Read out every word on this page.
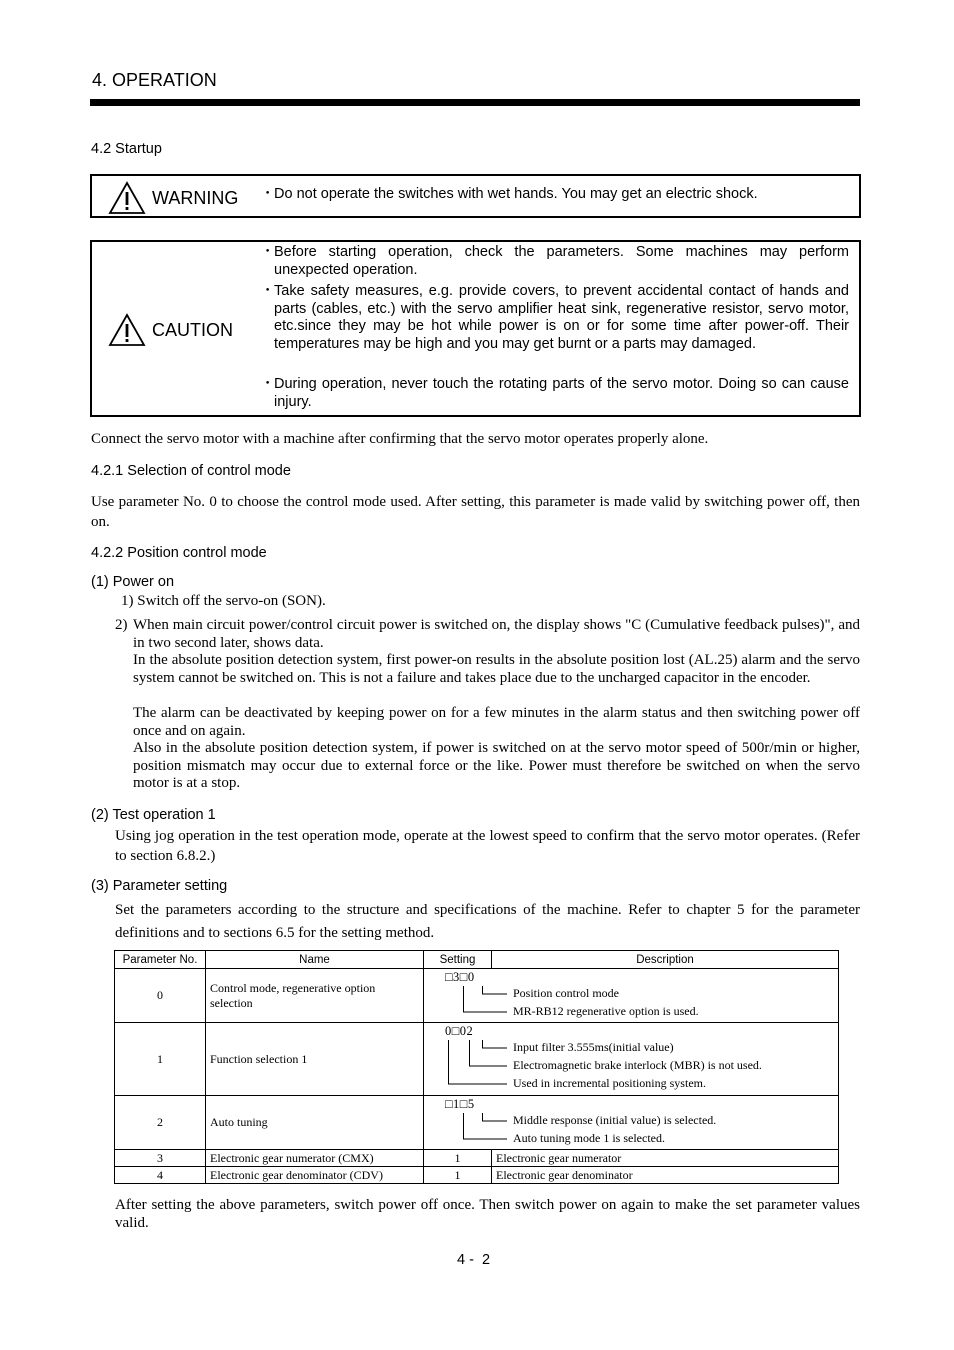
4. OPERATION
4.2 Startup
WARNING ･ Do not operate the switches with wet hands. You may get an electric shock.
CAUTION
･ Before starting operation, check the parameters. Some machines may perform unexpected operation.
･ Take safety measures, e.g. provide covers, to prevent accidental contact of hands and parts (cables, etc.) with the servo amplifier heat sink, regenerative resistor, servo motor, etc.since they may be hot while power is on or for some time after power-off. Their temperatures may be high and you may get burnt or a parts may damaged.
･ During operation, never touch the rotating parts of the servo motor. Doing so can cause injury.
Connect the servo motor with a machine after confirming that the servo motor operates properly alone.
4.2.1 Selection of control mode
Use parameter No. 0 to choose the control mode used. After setting, this parameter is made valid by switching power off, then on.
4.2.2 Position control mode
(1) Power on
1) Switch off the servo-on (SON).
2) When main circuit power/control circuit power is switched on, the display shows "C (Cumulative feedback pulses)", and in two second later, shows data.
In the absolute position detection system, first power-on results in the absolute position lost (AL.25) alarm and the servo system cannot be switched on. This is not a failure and takes place due to the uncharged capacitor in the encoder.
The alarm can be deactivated by keeping power on for a few minutes in the alarm status and then switching power off once and on again.
Also in the absolute position detection system, if power is switched on at the servo motor speed of 500r/min or higher, position mismatch may occur due to external force or the like. Power must therefore be switched on when the servo motor is at a stop.
(2) Test operation 1
Using jog operation in the test operation mode, operate at the lowest speed to confirm that the servo motor operates. (Refer to section 6.8.2.)
(3) Parameter setting
Set the parameters according to the structure and specifications of the machine. Refer to chapter 5 for the parameter definitions and to sections 6.5 for the setting method.
Parameter No.	Name	Setting	Description
0	Control mode, regenerative option selection	□3□0
Position control mode
MR-RB12 regenerative option is used.	

1	Function selection 1	0□02
Input filter 3.555ms(initial value)
Electromagnetic brake interlock (MBR) is not used.
Used in incremental positioning system.	

2	Auto tuning	□1□5
Middle response (initial value) is selected.
Auto tuning mode 1 is selected.	

3	Electronic gear numerator (CMX)	1	Electronic gear numerator
4	Electronic gear denominator (CDV)	1	Electronic gear denominator
After setting the above parameters, switch power off once. Then switch power on again to make the set parameter values valid.
4 -  2
